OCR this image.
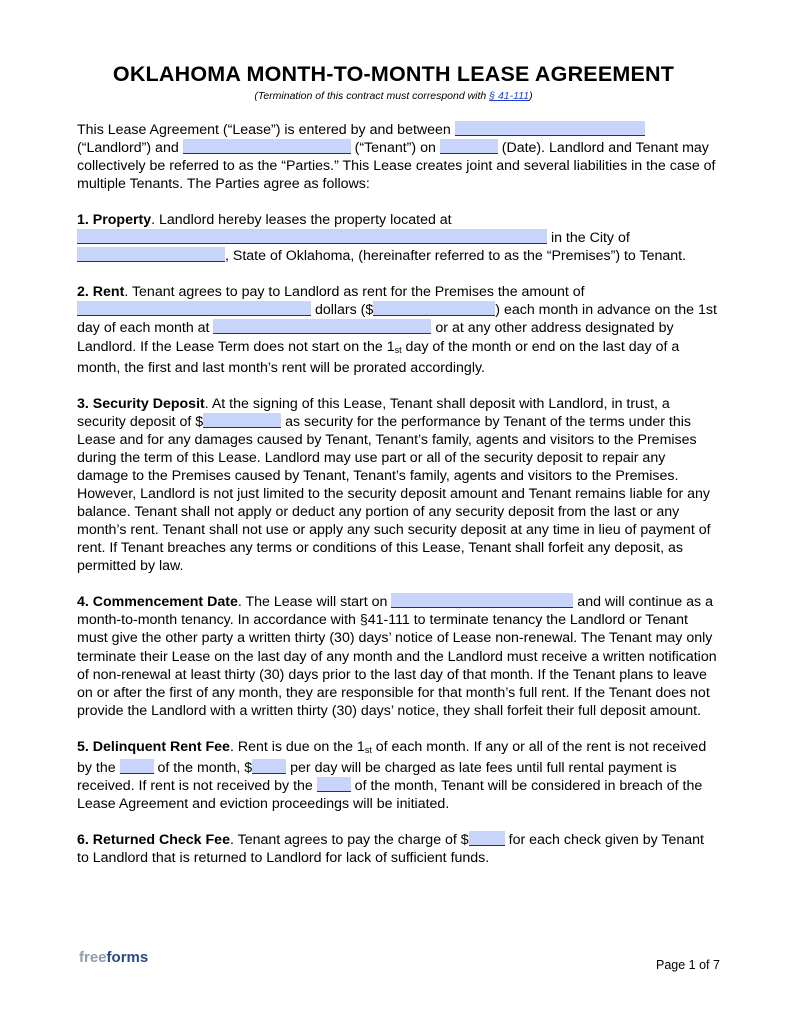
OKLAHOMA MONTH-TO-MONTH LEASE AGREEMENT
(Termination of this contract must correspond with § 41-111)

This Lease Agreement (“Lease”) is entered by and between  (“Landlord”) and	(“Tenant”) on	(Date). Landlord and Tenant may collectively be referred to as the “Parties.” This Lease creates joint and several liabilities in the case of multiple Tenants. The Parties agree as follows:

1. Property. Landlord hereby leases the property located at  in the City of , State of Oklahoma, (hereinafter referred to as the “Premises”) to Tenant.

2. Rent. Tenant agrees to pay to Landlord as rent for the Premises the amount of  dollars ($	) each month in advance on the 1st day of each month at	or at any other address designated by Landlord. If the Lease Term does not start on the 1st day of the month or end on the last day of a month, the first and last month’s rent will be prorated accordingly.

3. Security Deposit. At the signing of this Lease, Tenant shall deposit with Landlord, in trust, a security deposit of $	as security for the performance by Tenant of the terms under this Lease and for any damages caused by Tenant, Tenant’s family, agents and visitors to the Premises during the term of this Lease. Landlord may use part or all of the security deposit to repair any damage to the Premises caused by Tenant, Tenant’s family, agents and visitors to the Premises. However, Landlord is not just limited to the security deposit amount and Tenant remains liable for any balance. Tenant shall not apply or deduct any portion of any security deposit from the last or any month’s rent. Tenant shall not use or apply any such security deposit at any time in lieu of payment of rent. If Tenant breaches any terms or conditions of this Lease, Tenant shall forfeit any deposit, as permitted by law.

4. Commencement Date. The Lease will start on	and will continue as a month-to-month tenancy. In accordance with §41-111 to terminate tenancy the Landlord or Tenant must give the other party a written thirty (30) days’ notice of Lease non-renewal. The Tenant may only terminate their Lease on the last day of any month and the Landlord must receive a written notification of non-renewal at least thirty (30) days prior to the last day of that month. If the Tenant plans to leave on or after the first of any month, they are responsible for that month’s full rent. If the Tenant does not provide the Landlord with a written thirty (30) days’ notice, they shall forfeit their full deposit amount.

5. Delinquent Rent Fee. Rent is due on the 1st of each month. If any or all of the rent is not received by the  of the month, $ per day will be charged as late fees until full rental payment is received. If rent is not received by the  of the month, Tenant will be considered in breach of the Lease Agreement and eviction proceedings will be initiated.

6. Returned Check Fee. Tenant agrees to pay the charge of $	for each check given by Tenant to Landlord that is returned to Landlord for lack of sufficient funds.

freeforms	Page 1 of 7
